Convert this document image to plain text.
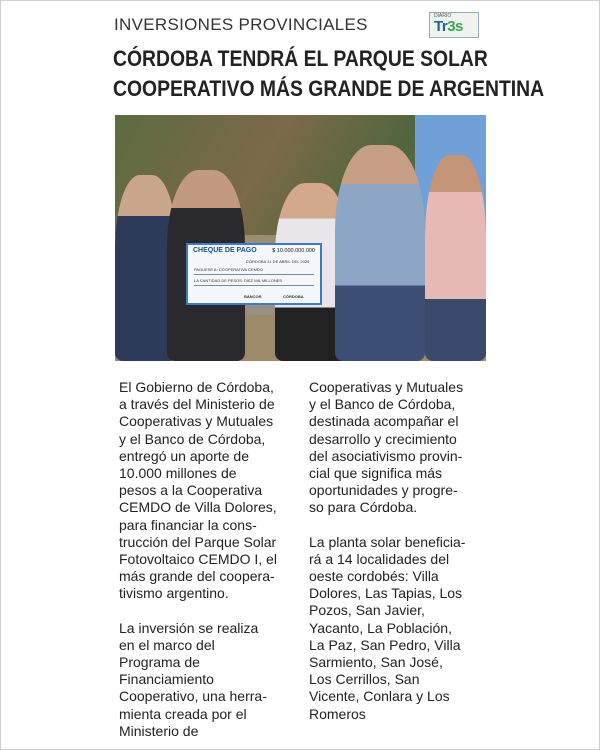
INVERSIONES PROVINCIALES	DIARIO
Tr3s
CÓRDOBA TENDRÁ EL PARQUE SOLAR
COOPERATIVO MÁS GRANDE DE ARGENTINA
CHEQUE DE PAGO	$ 10.000.000.000
CÓRDOBA 21 DE ABRIL DEL 2025
PAGUESE A: COOPERATIVA CEMDO
LA CANTIDAD DE PESOS: DIEZ MIL MILLONES
BANCOR	CÓRDOBA
El Gobierno de Córdoba,
a través del Ministerio de
Cooperativas y Mutuales
y el Banco de Córdoba,
entregó un aporte de
10.000 millones de
pesos a la Cooperativa
CEMDO de Villa Dolores,
para financiar la cons-
trucción del Parque Solar
Fotovoltaico CEMDO I, el
más grande del coopera-
tivismo argentino.
La inversión se realiza
en el marco del
Programa de
Financiamiento
Cooperativo, una herra-
mienta creada por el
Ministerio de
Cooperativas y Mutuales
y el Banco de Córdoba,
destinada acompañar el
desarrollo y crecimiento
del asociativismo provin-
cial que significa más
oportunidades y progre-
so para Córdoba.
La planta solar beneficia-
rá a 14 localidades del
oeste cordobés: Villa
Dolores, Las Tapias, Los
Pozos, San Javier,
Yacanto, La Población,
La Paz, San Pedro, Villa
Sarmiento, San José,
Los Cerrillos, San
Vicente, Conlara y Los
Romeros
